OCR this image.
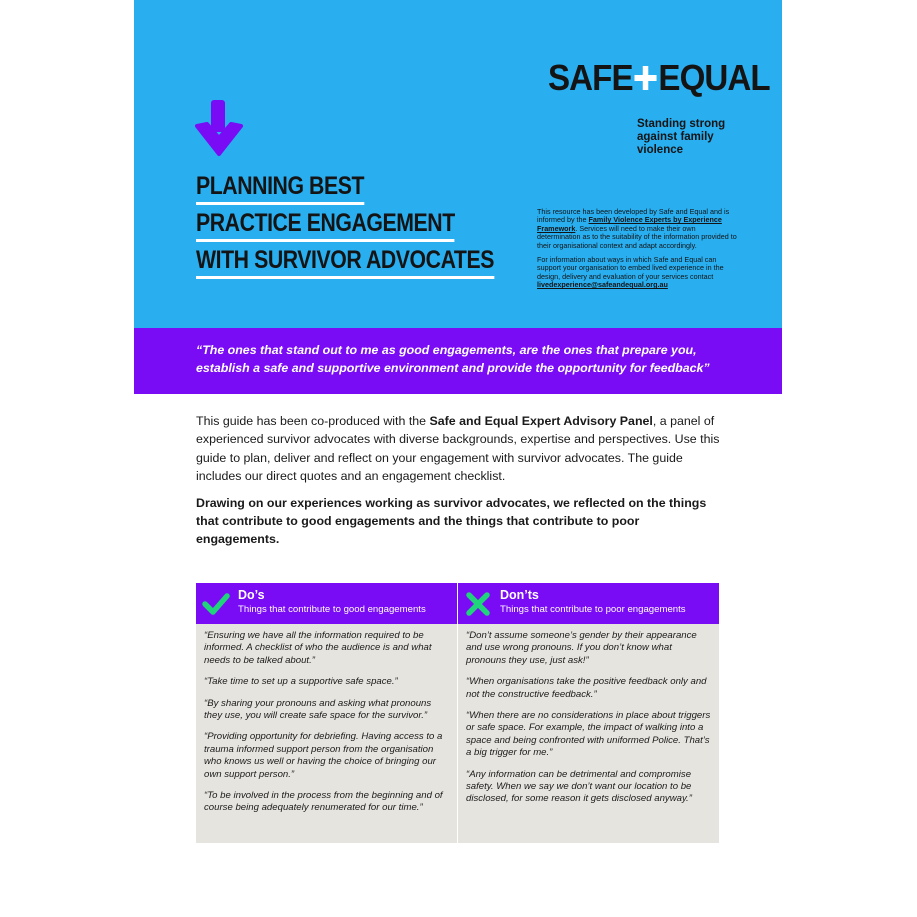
SAFE EQUAL
Standing strong against family violence
PLANNING BEST
PRACTICE ENGAGEMENT
WITH SURVIVOR ADVOCATES

This resource has been developed by Safe and Equal and is informed by the Family Violence Experts by Experience Framework. Services will need to make their own determination as to the suitability of the information provided to their organisational context and adapt accordingly.

For information about ways in which Safe and Equal can support your organisation to embed lived experience in the design, delivery and evaluation of your services contact livedexperience@safeandequal.org.au

“The ones that stand out to me as good engagements, are the ones that prepare you, establish a safe and supportive environment and provide the opportunity for feedback”

This guide has been co-produced with the Safe and Equal Expert Advisory Panel, a panel of experienced survivor advocates with diverse backgrounds, expertise and perspectives. Use this guide to plan, deliver and reflect on your engagement with survivor advocates. The guide includes our direct quotes and an engagement checklist.

Drawing on our experiences working as survivor advocates, we reflected on the things that contribute to good engagements and the things that contribute to poor engagements.

Do’s
Things that contribute to good engagements

“Ensuring we have all the information required to be informed. A checklist of who the audience is and what needs to be talked about.”

“Take time to set up a supportive safe space.”

“By sharing your pronouns and asking what pronouns they use, you will create safe space for the survivor.”

“Providing opportunity for debriefing. Having access to a trauma informed support person from the organisation who knows us well or having the choice of bringing our own support person.”

“To be involved in the process from the beginning and of course being adequately renumerated for our time.”

Don’ts
Things that contribute to poor engagements

“Don’t assume someone’s gender by their appearance and use wrong pronouns. If you don’t know what pronouns they use, just ask!”

“When organisations take the positive feedback only and not the constructive feedback.”

“When there are no considerations in place about triggers or safe space. For example, the impact of walking into a space and being confronted with uniformed Police. That’s a big trigger for me.”

“Any information can be detrimental and compromise safety. When we say we don’t want our location to be disclosed, for some reason it gets disclosed anyway.”
